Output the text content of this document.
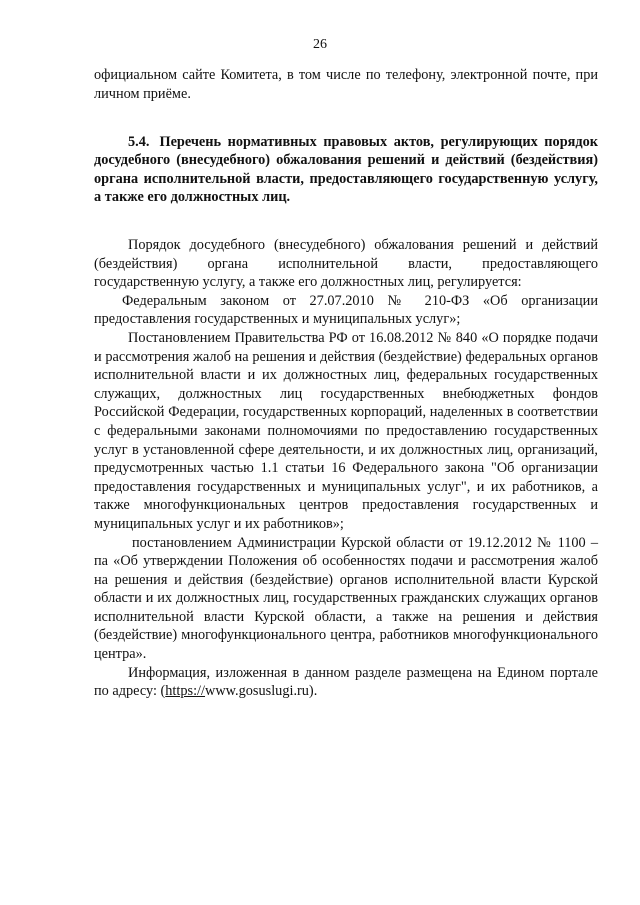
26

официальном сайте Комитета, в том числе по телефону, электронной почте, при личном приёме.

5.4. Перечень нормативных правовых актов, регулирующих порядок досудебного (внесудебного) обжалования решений и действий (бездействия) органа исполнительной власти, предоставляющего государственную услугу, а также его должностных лиц.

Порядок досудебного (внесудебного) обжалования решений и действий (бездействия) органа исполнительной власти, предоставляющего государственную услугу, а также его должностных лиц, регулируется:

Федеральным законом от 27.07.2010 № 210-ФЗ «Об организации предоставления государственных и муниципальных услуг»;

Постановлением Правительства РФ от 16.08.2012 № 840 «О порядке подачи и рассмотрения жалоб на решения и действия (бездействие) федеральных органов исполнительной власти и их должностных лиц, федеральных государственных служащих, должностных лиц государственных внебюджетных фондов Российской Федерации, государственных корпораций, наделенных в соответствии с федеральными законами полномочиями по предоставлению государственных услуг в установленной сфере деятельности, и их должностных лиц, организаций, предусмотренных частью 1.1 статьи 16 Федерального закона "Об организации предоставления государственных и муниципальных услуг", и их работников, а также многофункциональных центров предоставления государственных и муниципальных услуг и их работников»;

постановлением Администрации Курской области от 19.12.2012 № 1100 – па «Об утверждении Положения об особенностях подачи и рассмотрения жалоб на решения и действия (бездействие) органов исполнительной власти Курской области и их должностных лиц, государственных гражданских служащих органов исполнительной власти Курской области, а также на решения и действия (бездействие) многофункционального центра, работников многофункционального центра».

Информация, изложенная в данном разделе размещена на Едином портале по адресу: (https://www.gosuslugi.ru).
